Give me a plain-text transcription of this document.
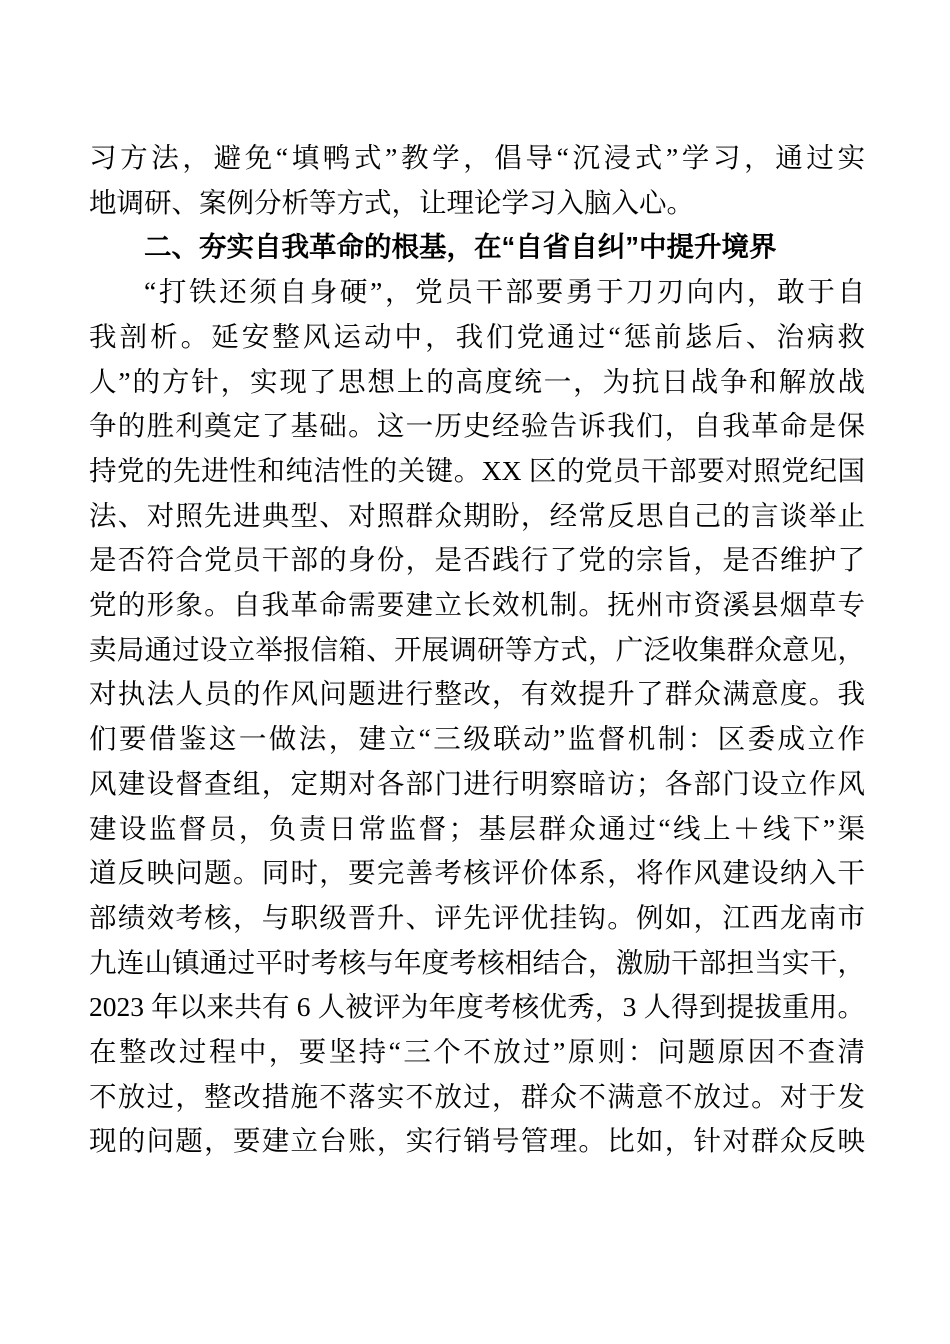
习方法，避免“填鸭式”教学，倡导“沉浸式”学习，通过实
地调研、案例分析等方式，让理论学习入脑入心。
二、夯实自我革命的根基，在“自省自纠”中提升境界
“打铁还须自身硬”，党员干部要勇于刀刃向内，敢于自
我剖析。延安整风运动中，我们党通过“惩前毖后、治病救
人”的方针，实现了思想上的高度统一，为抗日战争和解放战
争的胜利奠定了基础。这一历史经验告诉我们，自我革命是保
持党的先进性和纯洁性的关键。XX 区的党员干部要对照党纪国
法、对照先进典型、对照群众期盼，经常反思自己的言谈举止
是否符合党员干部的身份，是否践行了党的宗旨，是否维护了
党的形象。自我革命需要建立长效机制。抚州市资溪县烟草专
卖局通过设立举报信箱、开展调研等方式，广泛收集群众意见，
对执法人员的作风问题进行整改，有效提升了群众满意度。我
们要借鉴这一做法，建立“三级联动”监督机制：区委成立作
风建设督查组，定期对各部门进行明察暗访；各部门设立作风
建设监督员，负责日常监督；基层群众通过“线上＋线下”渠
道反映问题。同时，要完善考核评价体系，将作风建设纳入干
部绩效考核，与职级晋升、评先评优挂钩。例如，江西龙南市
九连山镇通过平时考核与年度考核相结合，激励干部担当实干，
2023 年以来共有 6 人被评为年度考核优秀，3 人得到提拔重用。
在整改过程中，要坚持“三个不放过”原则：问题原因不查清
不放过，整改措施不落实不放过，群众不满意不放过。对于发
现的问题，要建立台账，实行销号管理。比如，针对群众反映
